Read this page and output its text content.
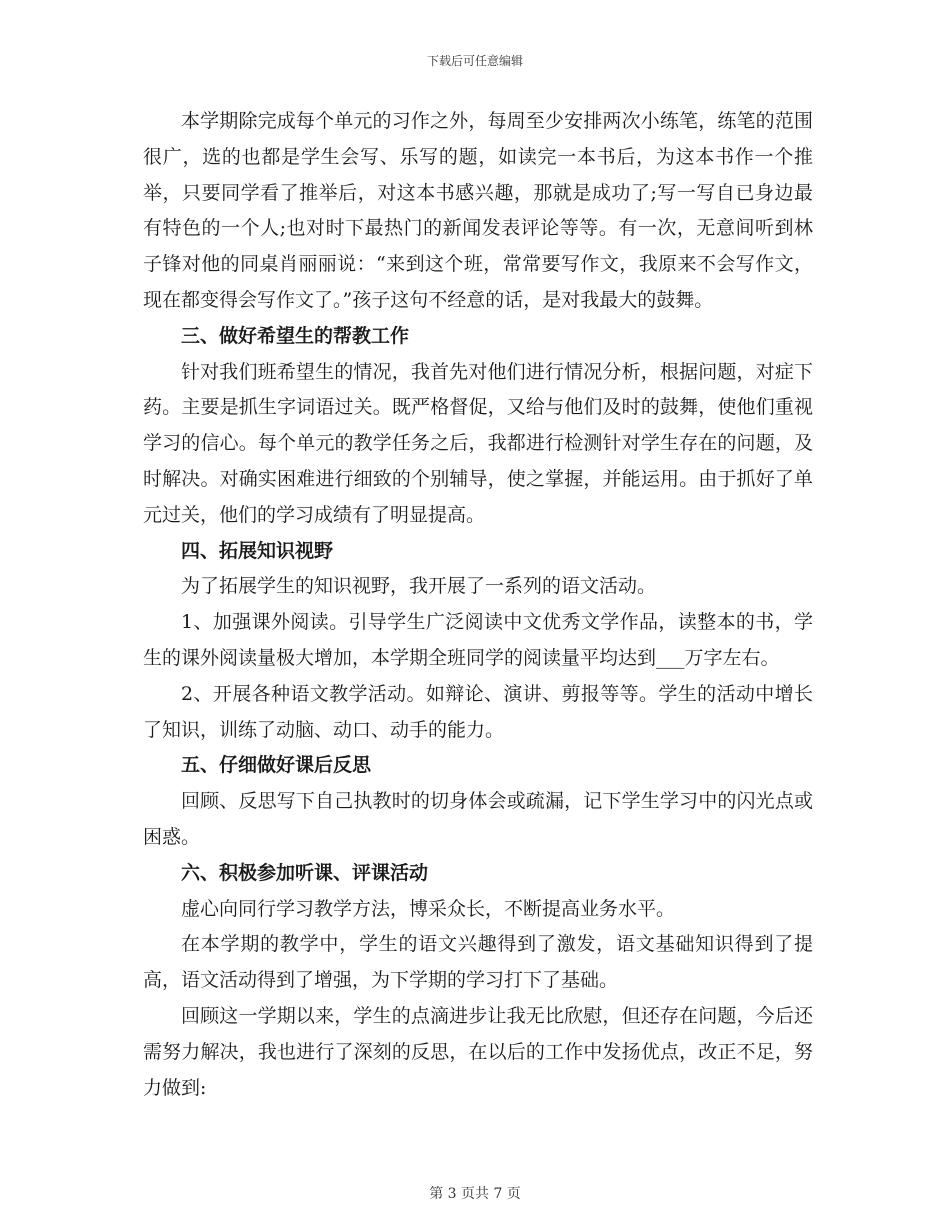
下载后可任意编辑

本学期除完成每个单元的习作之外，每周至少安排两次小练笔，练笔的范围很广，选的也都是学生会写、乐写的题，如读完一本书后，为这本书作一个推举，只要同学看了推举后，对这本书感兴趣，那就是成功了;写一写自已身边最有特色的一个人;也对时下最热门的新闻发表评论等等。有一次，无意间听到林子锋对他的同桌肖丽丽说：“来到这个班，常常要写作文，我原来不会写作文，现在都变得会写作文了。”孩子这句不经意的话，是对我最大的鼓舞。

三、做好希望生的帮教工作

针对我们班希望生的情况，我首先对他们进行情况分析，根据问题，对症下药。主要是抓生字词语过关。既严格督促，又给与他们及时的鼓舞，使他们重视学习的信心。每个单元的教学任务之后，我都进行检测针对学生存在的问题，及时解决。对确实困难进行细致的个别辅导，使之掌握，并能运用。由于抓好了单元过关，他们的学习成绩有了明显提高。

四、拓展知识视野

为了拓展学生的知识视野，我开展了一系列的语文活动。

1、加强课外阅读。引导学生广泛阅读中文优秀文学作品，读整本的书，学生的课外阅读量极大增加，本学期全班同学的阅读量平均达到___万字左右。

2、开展各种语文教学活动。如辩论、演讲、剪报等等。学生的活动中增长了知识，训练了动脑、动口、动手的能力。

五、仔细做好课后反思

回顾、反思写下自己执教时的切身体会或疏漏，记下学生学习中的闪光点或困惑。

六、积极参加听课、评课活动

虚心向同行学习教学方法，博采众长，不断提高业务水平。

在本学期的教学中，学生的语文兴趣得到了激发，语文基础知识得到了提高，语文活动得到了增强，为下学期的学习打下了基础。

回顾这一学期以来，学生的点滴进步让我无比欣慰，但还存在问题，今后还需努力解决，我也进行了深刻的反思，在以后的工作中发扬优点，改正不足，努力做到:

第 3 页共 7 页
